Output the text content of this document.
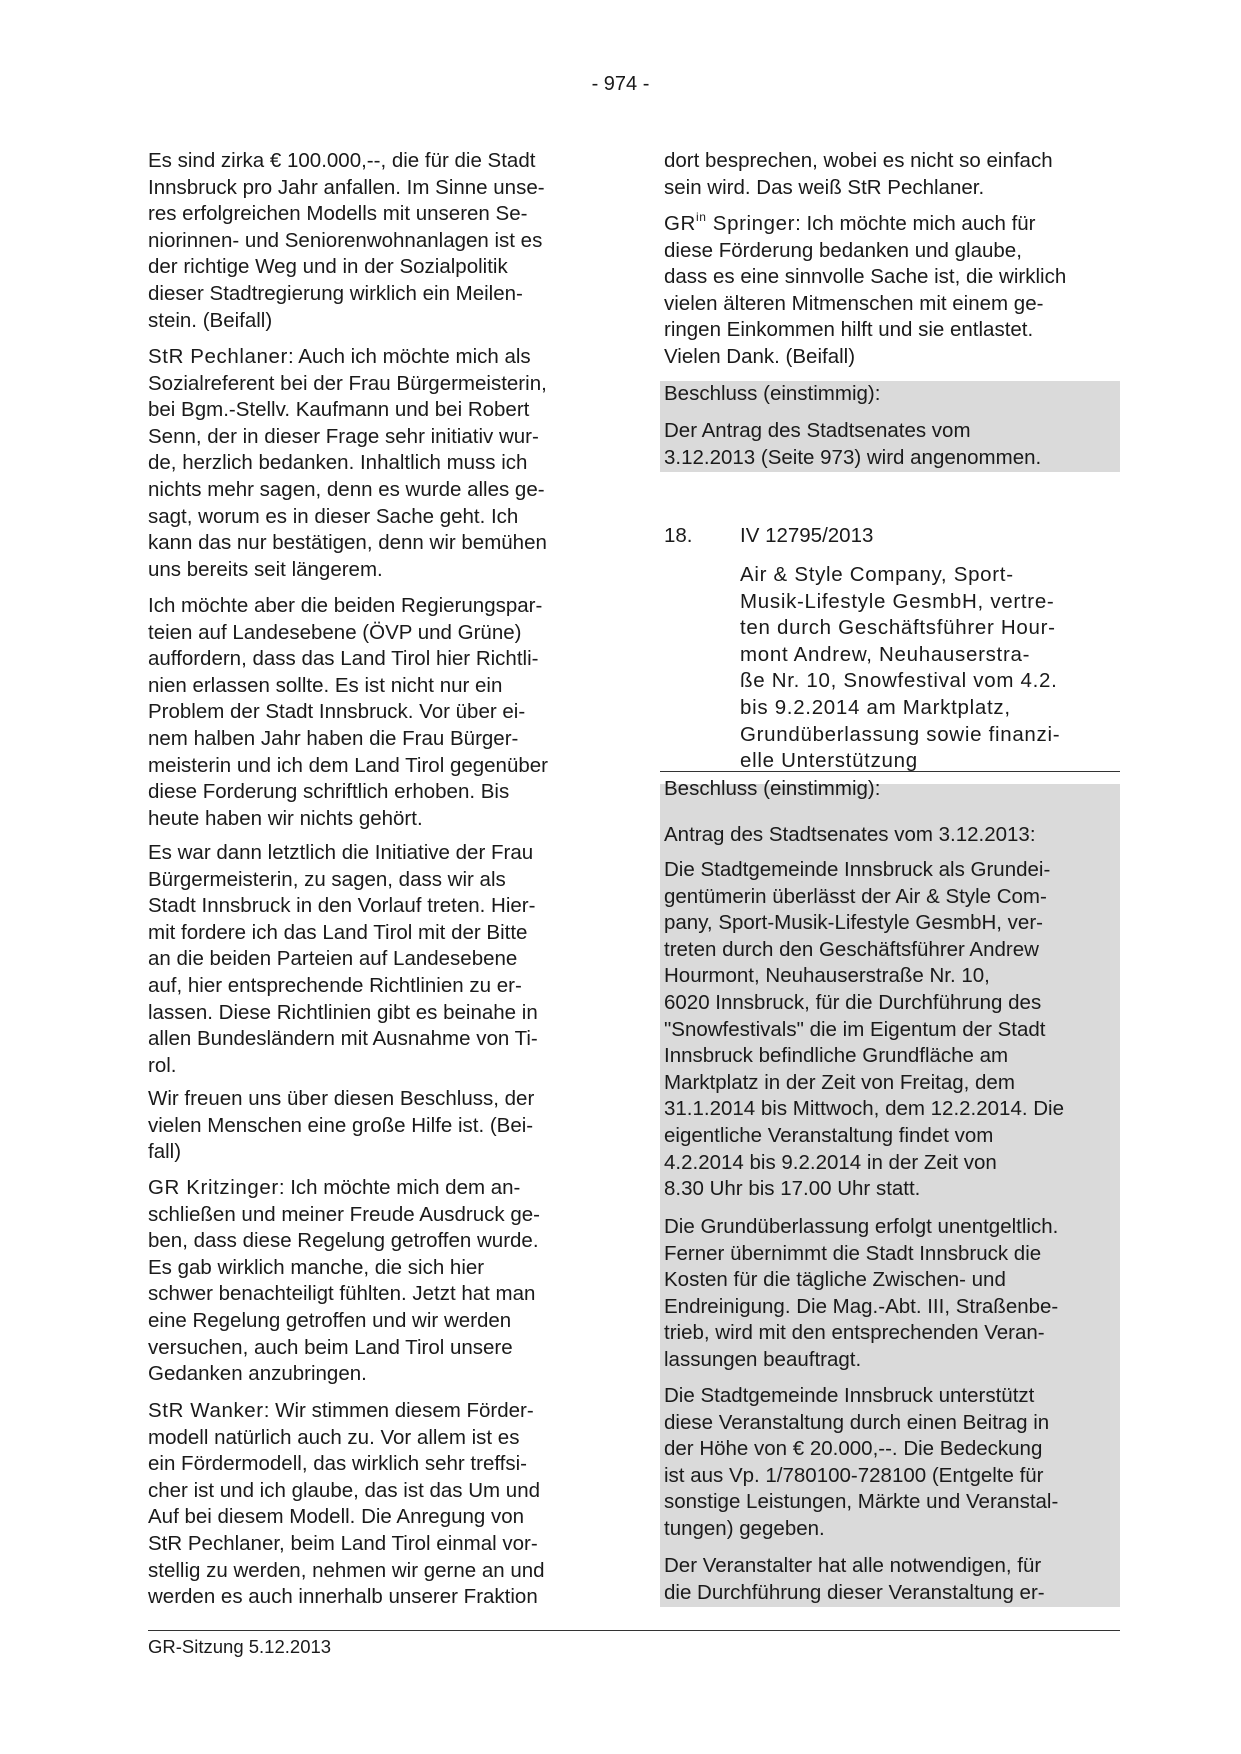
- 974 -
Es sind zirka € 100.000,--, die für die Stadt
Innsbruck pro Jahr anfallen. Im Sinne unse-
res erfolgreichen Modells mit unseren Se-
niorinnen- und Seniorenwohnanlagen ist es
der richtige Weg und in der Sozialpolitik
dieser Stadtregierung wirklich ein Meilen-
stein. (Beifall)
StR Pechlaner: Auch ich möchte mich als
Sozialreferent bei der Frau Bürgermeisterin,
bei Bgm.-Stellv. Kaufmann und bei Robert
Senn, der in dieser Frage sehr initiativ wur-
de, herzlich bedanken. Inhaltlich muss ich
nichts mehr sagen, denn es wurde alles ge-
sagt, worum es in dieser Sache geht. Ich
kann das nur bestätigen, denn wir bemühen
uns bereits seit längerem.
Ich möchte aber die beiden Regierungspar-
teien auf Landesebene (ÖVP und Grüne)
auffordern, dass das Land Tirol hier Richtli-
nien erlassen sollte. Es ist nicht nur ein
Problem der Stadt Innsbruck. Vor über ei-
nem halben Jahr haben die Frau Bürger-
meisterin und ich dem Land Tirol gegenüber
diese Forderung schriftlich erhoben. Bis
heute haben wir nichts gehört.
Es war dann letztlich die Initiative der Frau
Bürgermeisterin, zu sagen, dass wir als
Stadt Innsbruck in den Vorlauf treten. Hier-
mit fordere ich das Land Tirol mit der Bitte
an die beiden Parteien auf Landesebene
auf, hier entsprechende Richtlinien zu er-
lassen. Diese Richtlinien gibt es beinahe in
allen Bundesländern mit Ausnahme von Ti-
rol.
Wir freuen uns über diesen Beschluss, der
vielen Menschen eine große Hilfe ist. (Bei-
fall)
GR Kritzinger: Ich möchte mich dem an-
schließen und meiner Freude Ausdruck ge-
ben, dass diese Regelung getroffen wurde.
Es gab wirklich manche, die sich hier
schwer benachteiligt fühlten. Jetzt hat man
eine Regelung getroffen und wir werden
versuchen, auch beim Land Tirol unsere
Gedanken anzubringen.
StR Wanker: Wir stimmen diesem Förder-
modell natürlich auch zu. Vor allem ist es
ein Fördermodell, das wirklich sehr treffsi-
cher ist und ich glaube, das ist das Um und
Auf bei diesem Modell. Die Anregung von
StR Pechlaner, beim Land Tirol einmal vor-
stellig zu werden, nehmen wir gerne an und
werden es auch innerhalb unserer Fraktion
dort besprechen, wobei es nicht so einfach
sein wird. Das weiß StR Pechlaner.
$GR^{in}$ Springer: Ich möchte mich auch für
diese Förderung bedanken und glaube,
dass es eine sinnvolle Sache ist, die wirklich
vielen älteren Mitmenschen mit einem ge-
ringen Einkommen hilft und sie entlastet.
Vielen Dank. (Beifall)
Beschluss (einstimmig):
Der Antrag des Stadtsenates vom
3.12.2013 (Seite 973) wird angenommen.
Beschluss (einstimmig):
Antrag des Stadtsenates vom 3.12.2013:
Die Stadtgemeinde Innsbruck als Grundei-
gentümerin überlässt der Air & Style Com-
pany, Sport-Musik-Lifestyle GesmbH, ver-
treten durch den Geschäftsführer Andrew
Hourmont, Neuhauserstraße Nr. 10,
6020 Innsbruck, für die Durchführung des
"Snowfestivals" die im Eigentum der Stadt
Innsbruck befindliche Grundfläche am
Marktplatz in der Zeit von Freitag, dem
31.1.2014 bis Mittwoch, dem 12.2.2014. Die
eigentliche Veranstaltung findet vom
4.2.2014 bis 9.2.2014 in der Zeit von
8.30 Uhr bis 17.00 Uhr statt.
Die Grundüberlassung erfolgt unentgeltlich.
Ferner übernimmt die Stadt Innsbruck die
Kosten für die tägliche Zwischen- und
Endreinigung. Die Mag.-Abt. III, Straßenbe-
trieb, wird mit den entsprechenden Veran-
lassungen beauftragt.
Die Stadtgemeinde Innsbruck unterstützt
diese Veranstaltung durch einen Beitrag in
der Höhe von € 20.000,--. Die Bedeckung
ist aus Vp. 1/780100-728100 (Entgelte für
sonstige Leistungen, Märkte und Veranstal-
tungen) gegeben.
Der Veranstalter hat alle notwendigen, für
die Durchführung dieser Veranstaltung er-
18. IV 12795/2013
Air & Style Company, Sport-
Musik-Lifestyle GesmbH, vertre-
ten durch Geschäftsführer Hour-
mont Andrew, Neuhauserstra-
ße Nr. 10, Snowfestival vom 4.2.
bis 9.2.2014 am Marktplatz,
Grundüberlassung sowie finanzi-
elle Unterstützung
GR-Sitzung 5.12.2013
